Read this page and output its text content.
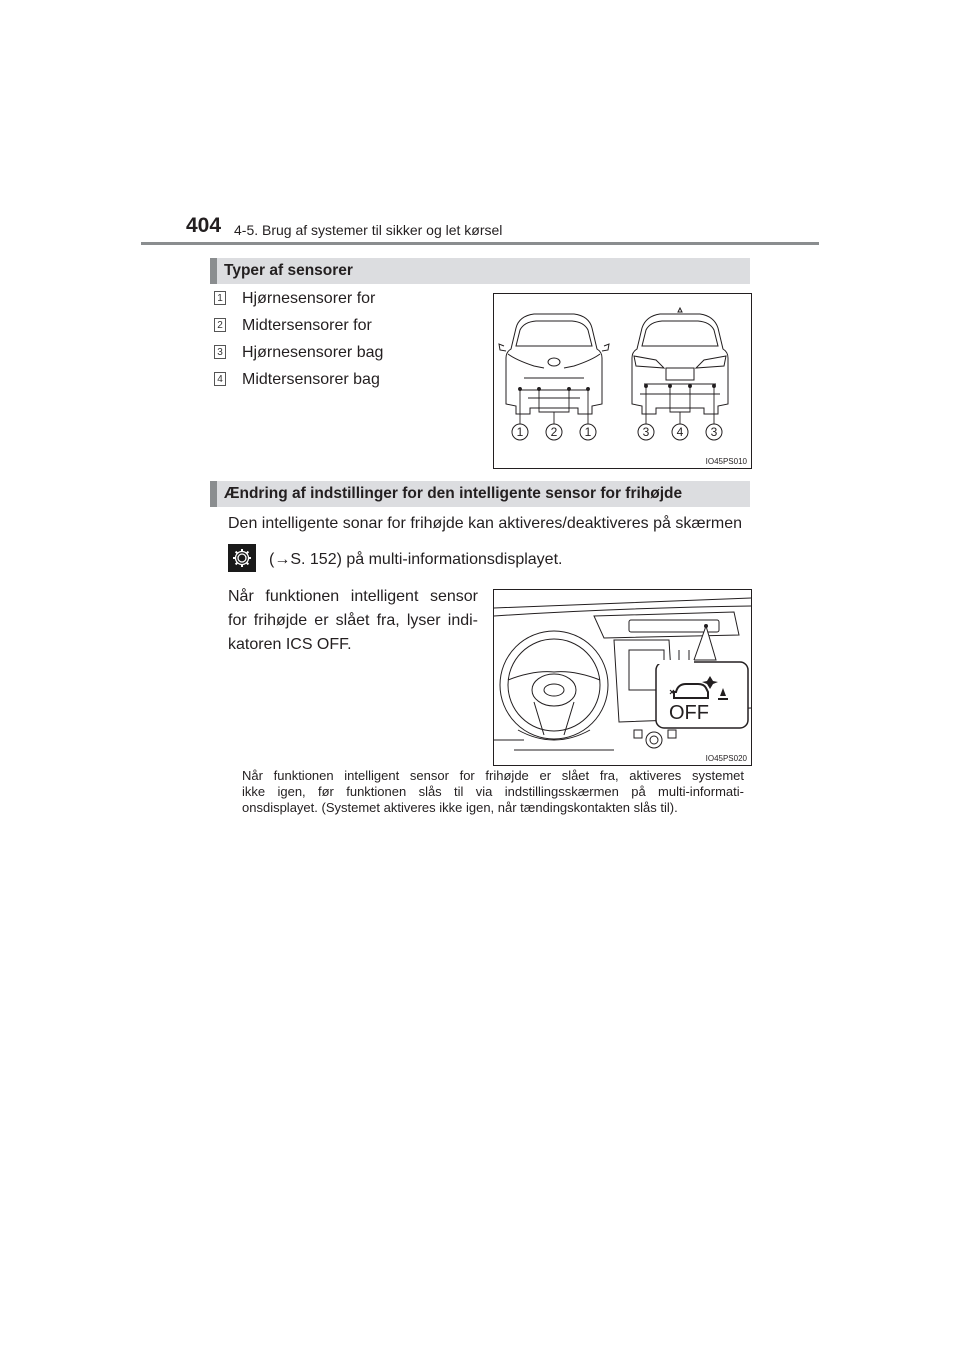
404 4-5. Brug af systemer til sikker og let kørsel
Typer af sensorer
1 Hjørnesensorer for
2 Midtersensorer for
3 Hjørnesensorer bag
4 Midtersensorer bag
1 2 1	3 4 3
IO45PS010
Ændring af indstillinger for den intelligente sensor for frihøjde
Den intelligente sonar for frihøjde kan aktiveres/deaktiveres på skærmen
(→S. 152) på multi-informationsdisplayet.
Når funktionen intelligent sensor
for frihøjde er slået fra, lyser indi-
katoren ICS OFF.
OFF
IO45PS020
Når funktionen intelligent sensor for frihøjde er slået fra, aktiveres systemet
ikke igen, før funktionen slås til via indstillingsskærmen på multi-informati-
onsdisplayet. (Systemet aktiveres ikke igen, når tændingskontakten slås til).
